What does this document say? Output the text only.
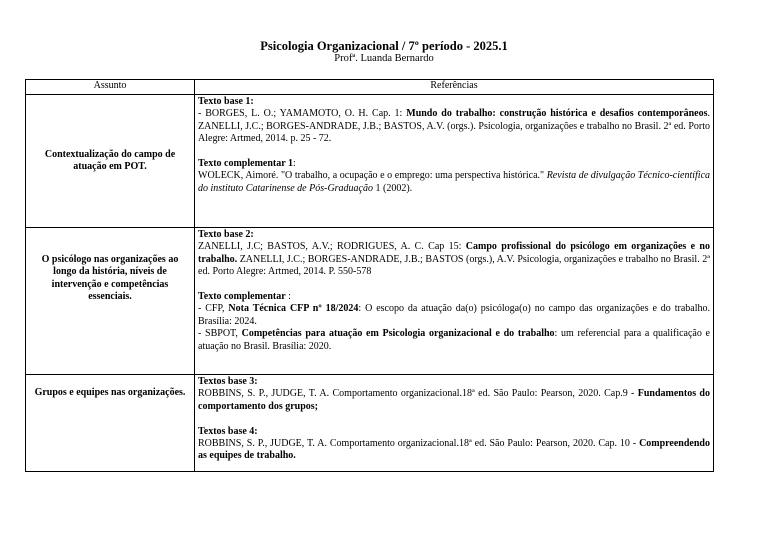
Psicologia Organizacional / 7º período - 2025.1
Profª. Luanda Bernardo
Assunto	Referências
Contextualização do campo de atuação em POT.	Texto base 1:

- BORGES, L. O.; YAMAMOTO, O. H. Cap. 1: Mundo do trabalho: construção histórica e desafios contemporâneos. ZANELLI, J.C.; BORGES-ANDRADE, J.B.; BASTOS, A.V. (orgs.). Psicologia, organizações e trabalho no Brasil. 2ª ed. Porto Alegre: Artmed, 2014. p. 25 - 72.

Texto complementar 1:

WOLECK, Aimoré. "O trabalho, a ocupação e o emprego: uma perspectiva histórica." Revista de divulgação Técnico-científica do instituto Catarinense de Pós-Graduação 1 (2002).

O psicólogo nas organizações ao longo da história, níveis de intervenção e competências essenciais.	Texto base 2:

ZANELLI, J.C; BASTOS, A.V.; RODRIGUES, A. C. Cap 15: Campo profissional do psicólogo em organizações e no trabalho. ZANELLI, J.C.; BORGES-ANDRADE, J.B.; BASTOS (orgs.), A.V. Psicologia, organizações e trabalho no Brasil. 2ª ed. Porto Alegre: Artmed, 2014. P. 550-578

Texto complementar :

- CFP, Nota Técnica CFP nº 18/2024: O escopo da atuação da(o) psicóloga(o) no campo das organizações e do trabalho. Brasília: 2024.

- SBPOT, Competências para atuação em Psicologia organizacional e do trabalho: um referencial para a qualificação e atuação no Brasil. Brasília: 2020.

Grupos e equipes nas organizações.	Textos base 3:

ROBBINS, S. P., JUDGE, T. A. Comportamento organizacional.18ª ed. São Paulo: Pearson, 2020. Cap.9 - Fundamentos do comportamento dos grupos;

Textos base 4:

ROBBINS, S. P., JUDGE, T. A. Comportamento organizacional.18ª ed. São Paulo: Pearson, 2020. Cap. 10 - Compreendendo as equipes de trabalho.
